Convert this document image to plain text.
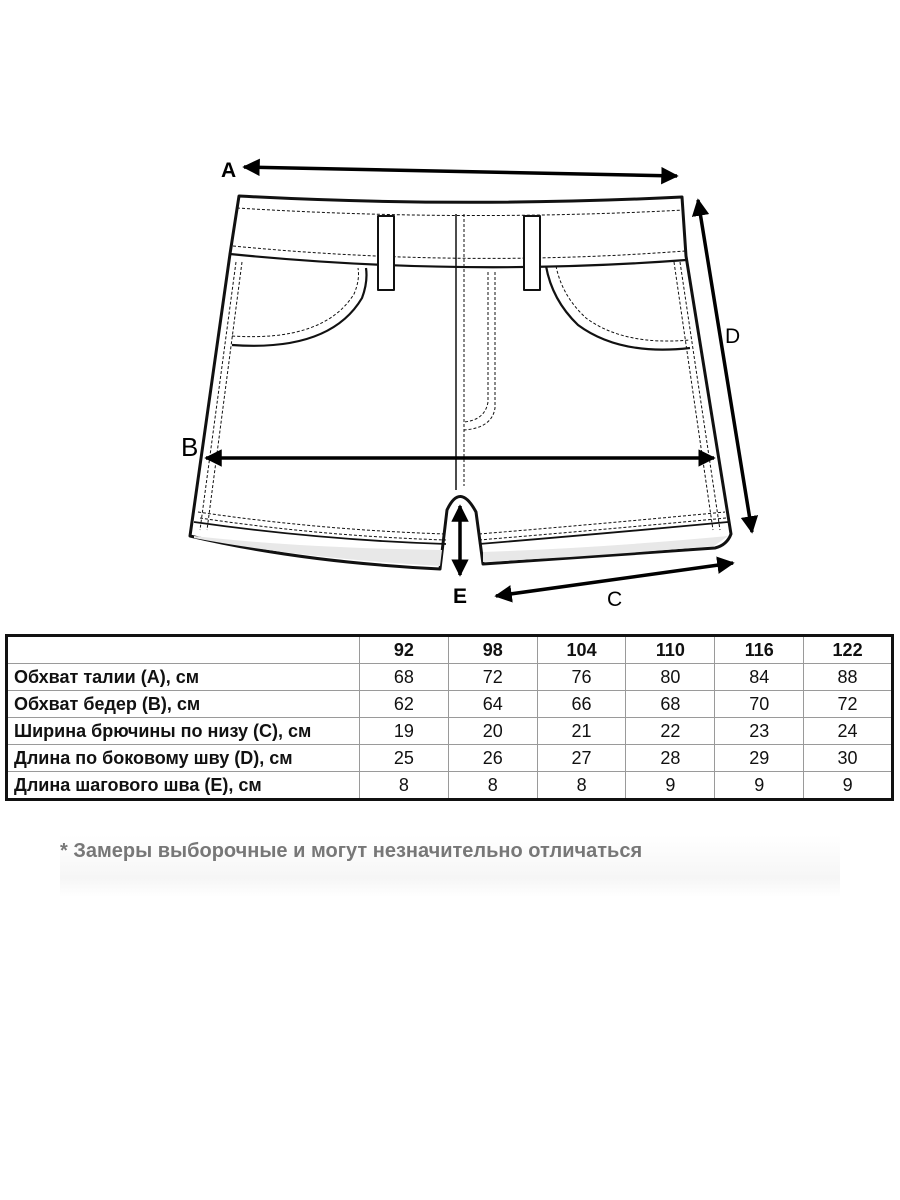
A
B
C
D
E
	92	98	104	110	116	122
Обхват талии (А), см	68	72	76	80	84	88
Обхват бедер (В), см	62	64	66	68	70	72
Ширина брючины по низу (С), см	19	20	21	22	23	24
Длина по боковому шву (D), см	25	26	27	28	29	30
Длина шагового шва (Е), см	8	8	8	9	9	9
* Замеры выборочные и могут незначительно отличаться
